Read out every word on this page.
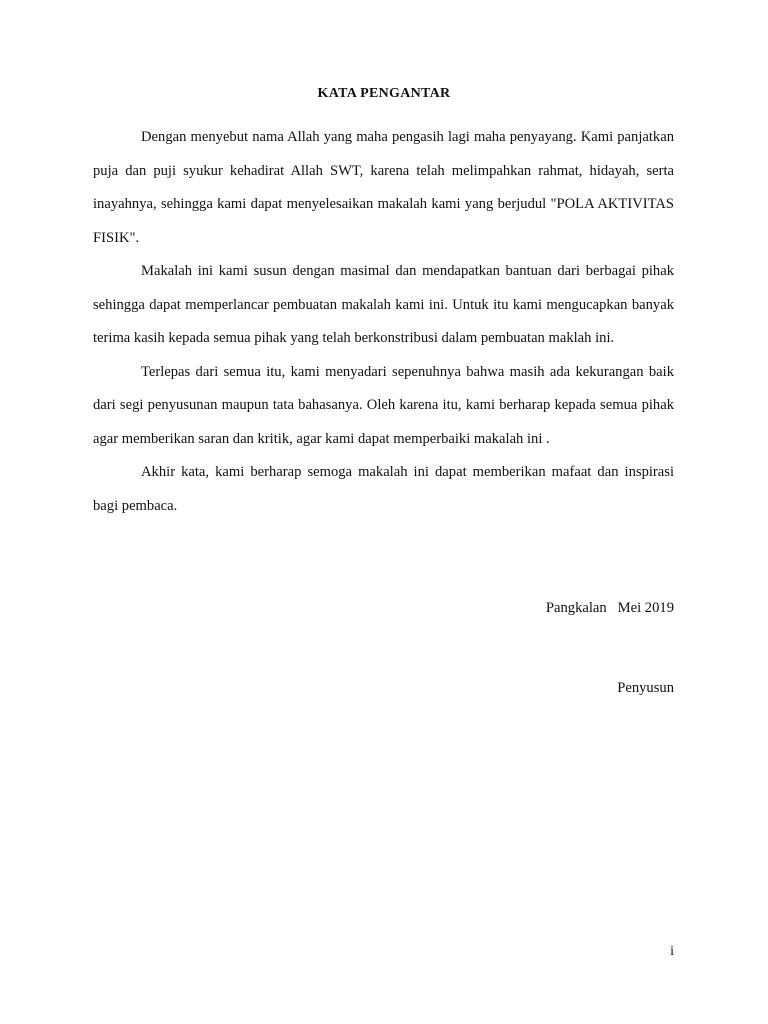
KATA PENGANTAR

Dengan menyebut nama Allah yang maha pengasih lagi maha penyayang. Kami panjatkan puja dan puji syukur kehadirat Allah SWT, karena telah melimpahkan rahmat, hidayah, serta inayahnya, sehingga kami dapat menyelesaikan makalah kami yang berjudul "POLA AKTIVITAS FISIK".

Makalah ini kami susun dengan masimal dan mendapatkan bantuan dari berbagai pihak sehingga dapat memperlancar pembuatan makalah kami ini. Untuk itu kami mengucapkan banyak terima kasih kepada semua pihak yang telah berkonstribusi dalam pembuatan maklah ini.

Terlepas dari semua itu, kami menyadari sepenuhnya bahwa masih ada kekurangan baik dari segi penyusunan maupun tata bahasanya. Oleh karena itu, kami berharap kepada semua pihak agar memberikan saran dan kritik, agar kami dapat memperbaiki makalah ini .

Akhir kata, kami berharap semoga makalah ini dapat memberikan mafaat dan inspirasi bagi pembaca.

Pangkalan   Mei 2019
Penyusun
i
